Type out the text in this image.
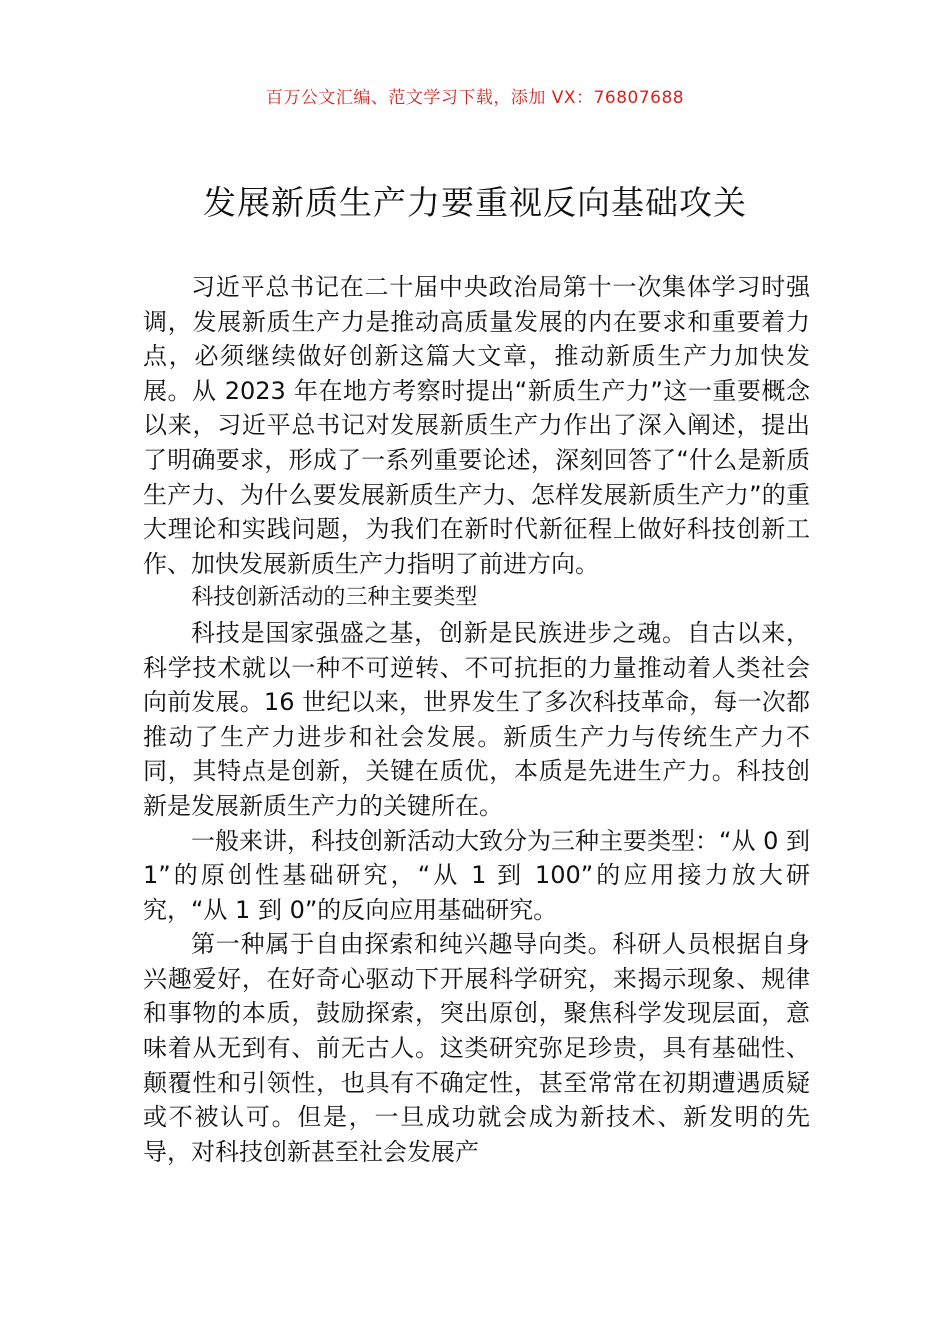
百万公文汇编、范文学习下载，添加 VX：76807688
发展新质生产力要重视反向基础攻关

习近平总书记在二十届中央政治局第十一次集体学习时强调，发展新质生产力是推动高质量发展的内在要求和重要着力点，必须继续做好创新这篇大文章，推动新质生产力加快发展。从 2023 年在地方考察时提出“新质生产力”这一重要概念以来，习近平总书记对发展新质生产力作出了深入阐述，提出了明确要求，形成了一系列重要论述，深刻回答了“什么是新质生产力、为什么要发展新质生产力、怎样发展新质生产力”的重大理论和实践问题，为我们在新时代新征程上做好科技创新工作、加快发展新质生产力指明了前进方向。

科技创新活动的三种主要类型

科技是国家强盛之基，创新是民族进步之魂。自古以来，科学技术就以一种不可逆转、不可抗拒的力量推动着人类社会向前发展。16 世纪以来，世界发生了多次科技革命，每一次都推动了生产力进步和社会发展。新质生产力与传统生产力不同，其特点是创新，关键在质优，本质是先进生产力。科技创新是发展新质生产力的关键所在。

一般来讲，科技创新活动大致分为三种主要类型：“从 0 到 1”的原创性基础研究，“从 1 到 100”的应用接力放大研究，“从 1 到 0”的反向应用基础研究。

第一种属于自由探索和纯兴趣导向类。科研人员根据自身兴趣爱好，在好奇心驱动下开展科学研究，来揭示现象、规律和事物的本质，鼓励探索，突出原创，聚焦科学发现层面，意味着从无到有、前无古人。这类研究弥足珍贵，具有基础性、颠覆性和引领性，也具有不确定性，甚至常常在初期遭遇质疑或不被认可。但是，一旦成功就会成为新技术、新发明的先导，对科技创新甚至社会发展产
